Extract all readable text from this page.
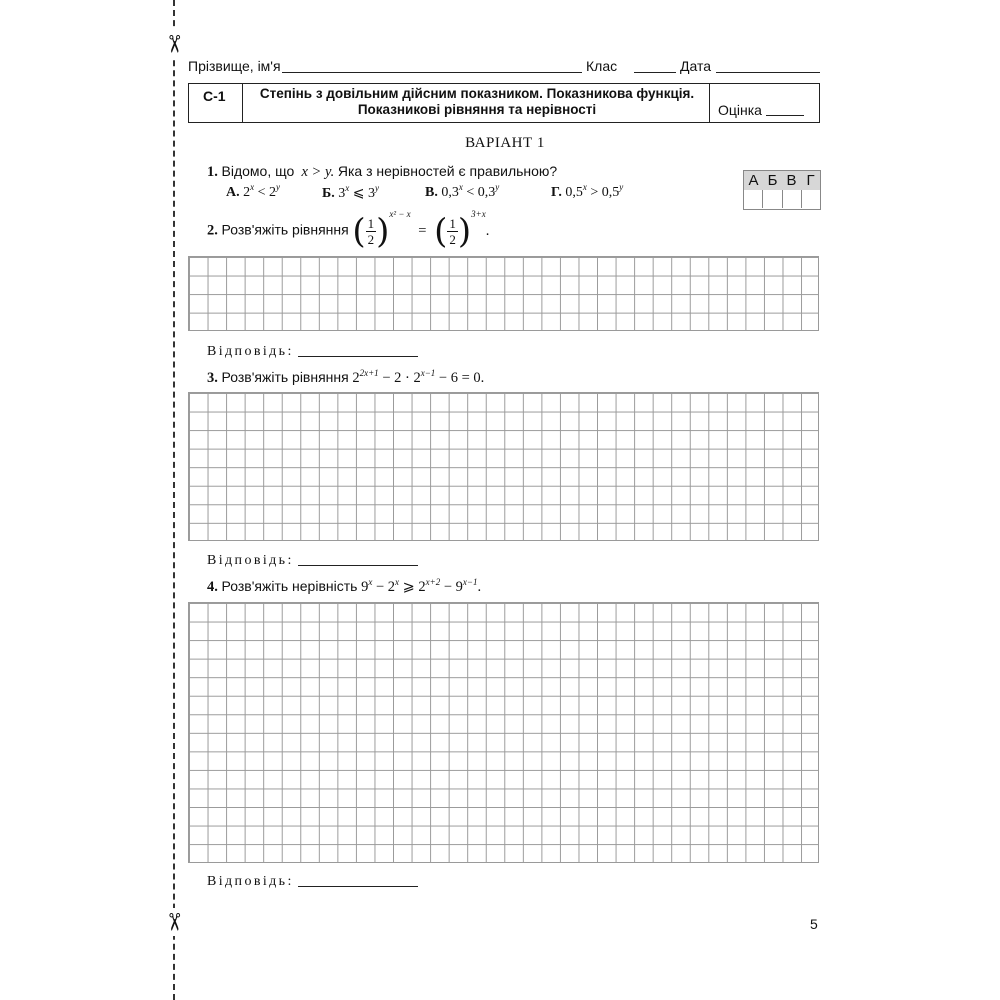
✂
✂
Прізвище, ім'я	Клас	Дата
С-1	Степінь з довільним дійсним показником. Показникова функція.
Показникові рівняння та нерівності	Оцінка
ВАРІАНТ 1
1. Відомо, що x > y. Яка з нерівностей є правильною?
А. $2^x < 2^y$	Б. 3$^x$ ⩽ 3$^y$	В. $0,3^x < 0,3^y$	Г. $0,5^x > 0,5^y$	А Б В Г
2. Розв'яжіть рівняння ( $\frac{1}{2} )^{x^2 - x}$ = ( $\frac{1}{2} )^{3+x}$.
Відповідь:
3. Розв'яжіть рівняння $2^{2x+1} - 2 \cdot 2^{x-1} - 6 = 0$.
Відповідь:
4. Розв'яжіть нерівність $9^x - 2^x$ ⩾ $2^{x+2} - 9^{x-1}$.
Відповідь:
5
